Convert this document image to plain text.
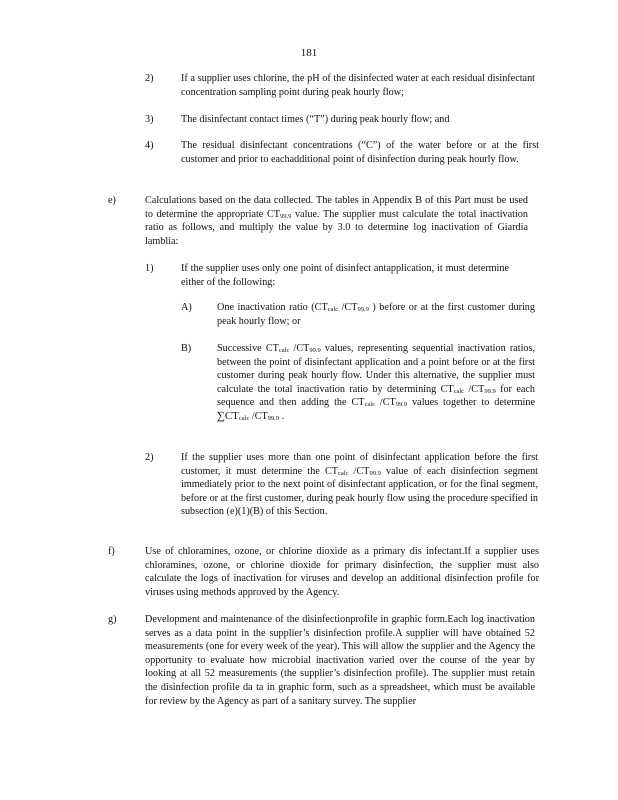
181
2)	If a supplier uses chlorine, the pH of the disinfected water at each residual disinfectant concentration sampling point during peak hourly flow;
3)	The disinfectant contact times (“T”) during peak hourly flow; and
4)	The residual disinfectant concentrations (“C”) of the water before or at the first customer and prior to eachadditional point of disinfection during peak hourly flow.
e)	Calculations based on the data collected. The tables in Appendix B of this Part must be used to determine the appropriate $CT_{99.9}$ value. The supplier must calculate the total inactivation ratio as follows, and multiply the value by 3.0 to determine log inactivation of Giardia lamblia:
1)	If the supplier uses only one point of disinfect antapplication, it must determine either of the following:
A) One inactivation ratio ($CT_{calc}$ $/CT_{99.9}$ ) before or at the first customer during peak hourly flow; or
B)	Successive $CT_{calc}$ $/CT_{99.9}$ values, representing sequential inactivation ratios, between the point of disinfectant application and a point before or at the first customer during peak hourly flow. Under this alternative, the supplier must calculate the total inactivation ratio by determining $CT_{calc}$ $/CT_{99.9}$ for each sequence and then adding the $CT_{calc}$ $/CT_{99.9}$ values together to determine $\sum CT_{calc}$ $/CT_{99.9}$ .
2)	If the supplier uses more than one point of disinfectant application before the first customer, it must determine the $CT_{calc}$ $/CT_{99.9}$ value of each disinfection segment immediately prior to the next point of disinfectant application, or for the final segment, before or at the first customer, during peak hourly flow using the procedure specified in subsection (e)(1)(B) of this Section.
f)	Use of chloramines, ozone, or chlorine dioxide as a primary dis infectant.If a supplier uses chloramines, ozone, or chlorine dioxide for primary disinfection, the supplier must also calculate the logs of inactivation for viruses and develop an additional disinfection profile for viruses using methods approved by the Agency.
g)	Development and maintenance of the disinfectionprofile in graphic form.Each log inactivation serves as a data point in the supplier’s disinfection profile.A supplier will have obtained 52 measurements (one for every week of the year). This will allow the supplier and the Agency the opportunity to evaluate how microbial inactivation varied over the course of the year by looking at all 52 measurements (the supplier’s disinfection profile). The supplier must retain the disinfection profile da ta in graphic form, such as a spreadsheet, which must be available for review by the Agency as part of a sanitary survey. The supplier
